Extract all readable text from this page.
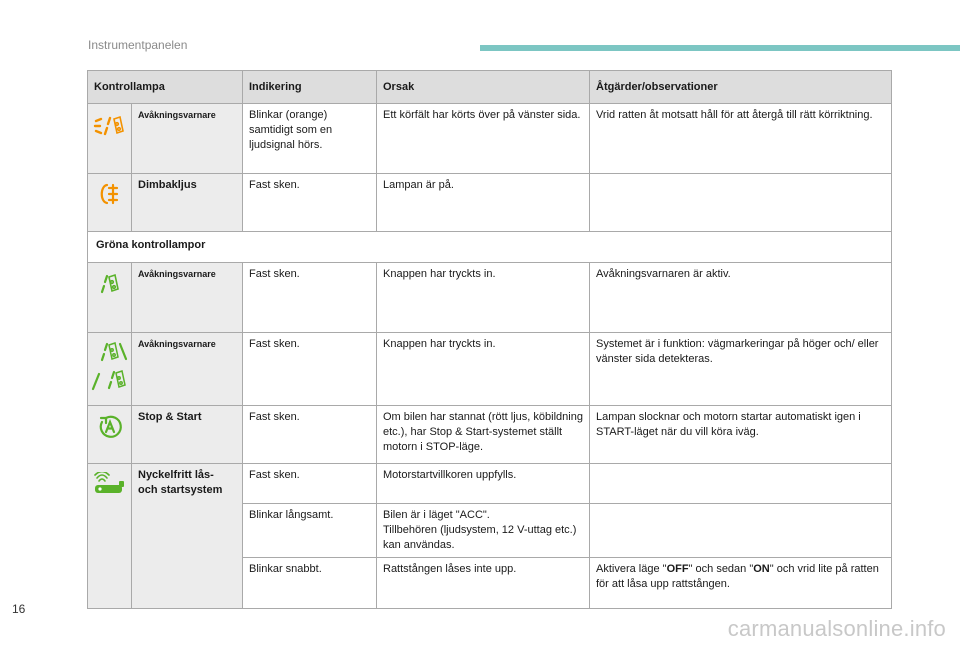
Instrumentpanelen
Kontrollampa		Indikering	Orsak	Åtgärder/observationer
	Avåkningsvarnare	Blinkar (orange) samtidigt som en ljudsignal hörs.	Ett körfält har körts över på vänster sida.	Vrid ratten åt motsatt håll för att återgå till rätt körriktning.
	Dimbakljus	Fast sken.	Lampan är på.	
Gröna kontrollampor				
	Avåkningsvarnare	Fast sken.	Knappen har tryckts in.	Avåkningsvarnaren är aktiv.
	Avåkningsvarnare	Fast sken.	Knappen har tryckts in.	Systemet är i funktion: vägmarkeringar på höger och/ eller vänster sida detekteras.
	Stop & Start	Fast sken.	Om bilen har stannat (rött ljus, köbildning etc.), har Stop & Start-systemet ställt motorn i STOP-läge.	Lampan slocknar och motorn startar automatiskt igen i START-läget när du vill köra iväg.
	Nyckelfritt lås- och startsystem	Fast sken.	Motorstartvillkoren uppfylls.	
		Blinkar långsamt.	Bilen är i läget "ACC".
Tillbehören (ljudsystem, 12 V-uttag etc.) kan användas.	

		Blinkar snabbt.	Rattstången låses inte upp.	Aktivera läge "OFF" och sedan "ON" och vrid lite på ratten för att låsa upp rattstången.
16
carmanualsonline.info
